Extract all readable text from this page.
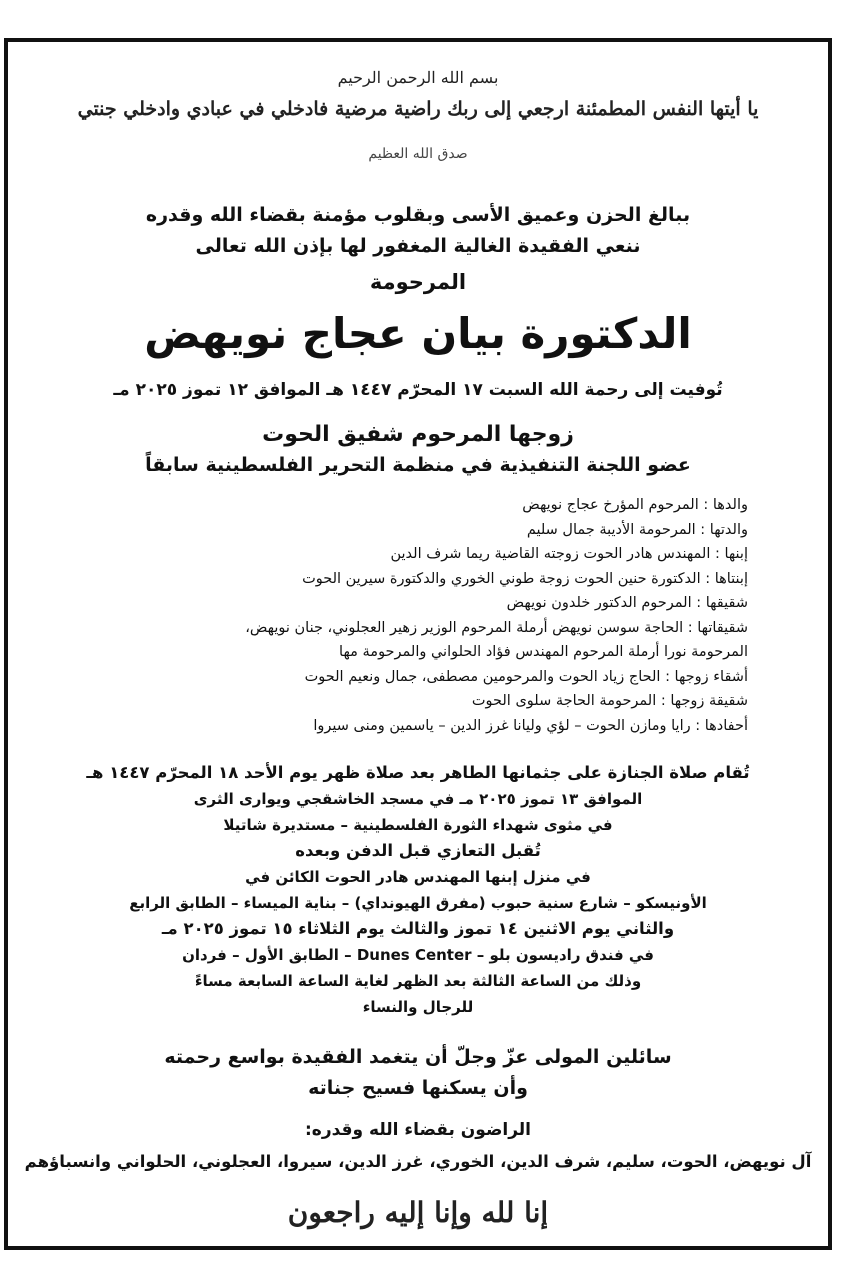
بسم الله الرحمن الرحيم
يا أيتها النفس المطمئنة ارجعي إلى ربك راضية مرضية فادخلي في عبادي وادخلي جنتي
صدق الله العظيم
ببالغ الحزن وعميق الأسى وبقلوب مؤمنة بقضاء الله وقدره
ننعي الفقيدة الغالية المغفور لها بإذن الله تعالى
المرحومة
الدكتورة بيان عجاج نويهض
تُوفيت إلى رحمة الله السبت ١٧ المحرّم ١٤٤٧ هـ الموافق ١٢ تموز ٢٠٢٥ مـ
زوجها المرحوم شفيق الحوت
عضو اللجنة التنفيذية في منظمة التحرير الفلسطينية سابقاً
والدها : المرحوم المؤرخ عجاج نويهض
والدتها : المرحومة الأديبة جمال سليم
إبنها : المهندس هادر الحوت زوجته القاضية ريما شرف الدين
إبنتاها : الدكتورة حنين الحوت زوجة طوني الخوري والدكتورة سيرين الحوت
شقيقها : المرحوم الدكتور خلدون نويهض
شقيقاتها : الحاجة سوسن نويهض أرملة المرحوم الوزير زهير العجلوني، جنان نويهض،
المرحومة نورا أرملة المرحوم المهندس فؤاد الحلواني والمرحومة مها
أشقاء زوجها : الحاج زياد الحوت والمرحومين مصطفى، جمال ونعيم الحوت
شقيقة زوجها : المرحومة الحاجة سلوى الحوت
أحفادها : رايا ومازن الحوت – لؤي وليانا غرز الدين – ياسمين ومنى سيروا
تُقام صلاة الجنازة على جثمانها الطاهر بعد صلاة ظهر يوم الأحد ١٨ المحرّم ١٤٤٧ هـ
الموافق ١٣ تموز ٢٠٢٥ مـ في مسجد الخاشقجي ويوارى الثرى
في مثوى شهداء الثورة الفلسطينية – مستديرة شاتيلا
تُقبل التعازي قبل الدفن وبعده
في منزل إبنها المهندس هادر الحوت الكائن في
الأونيسكو – شارع سنية حبوب (مفرق الهيونداي) – بناية الميساء – الطابق الرابع
والثاني يوم الاثنين ١٤ تموز والثالث يوم الثلاثاء ١٥ تموز ٢٠٢٥ مـ
في فندق راديسون بلو – Dunes Center – الطابق الأول – فردان
وذلك من الساعة الثالثة بعد الظهر لغاية الساعة السابعة مساءً
للرجال والنساء
سائلين المولى عزّ وجلّ أن يتغمد الفقيدة بواسع رحمته
وأن يسكنها فسيح جناته
الراضون بقضاء الله وقدره:
آل نويهض، الحوت، سليم، شرف الدين، الخوري، غرز الدين، سيروا، العجلوني، الحلواني وانسباؤهم
إنا لله وإنا إليه راجعون
